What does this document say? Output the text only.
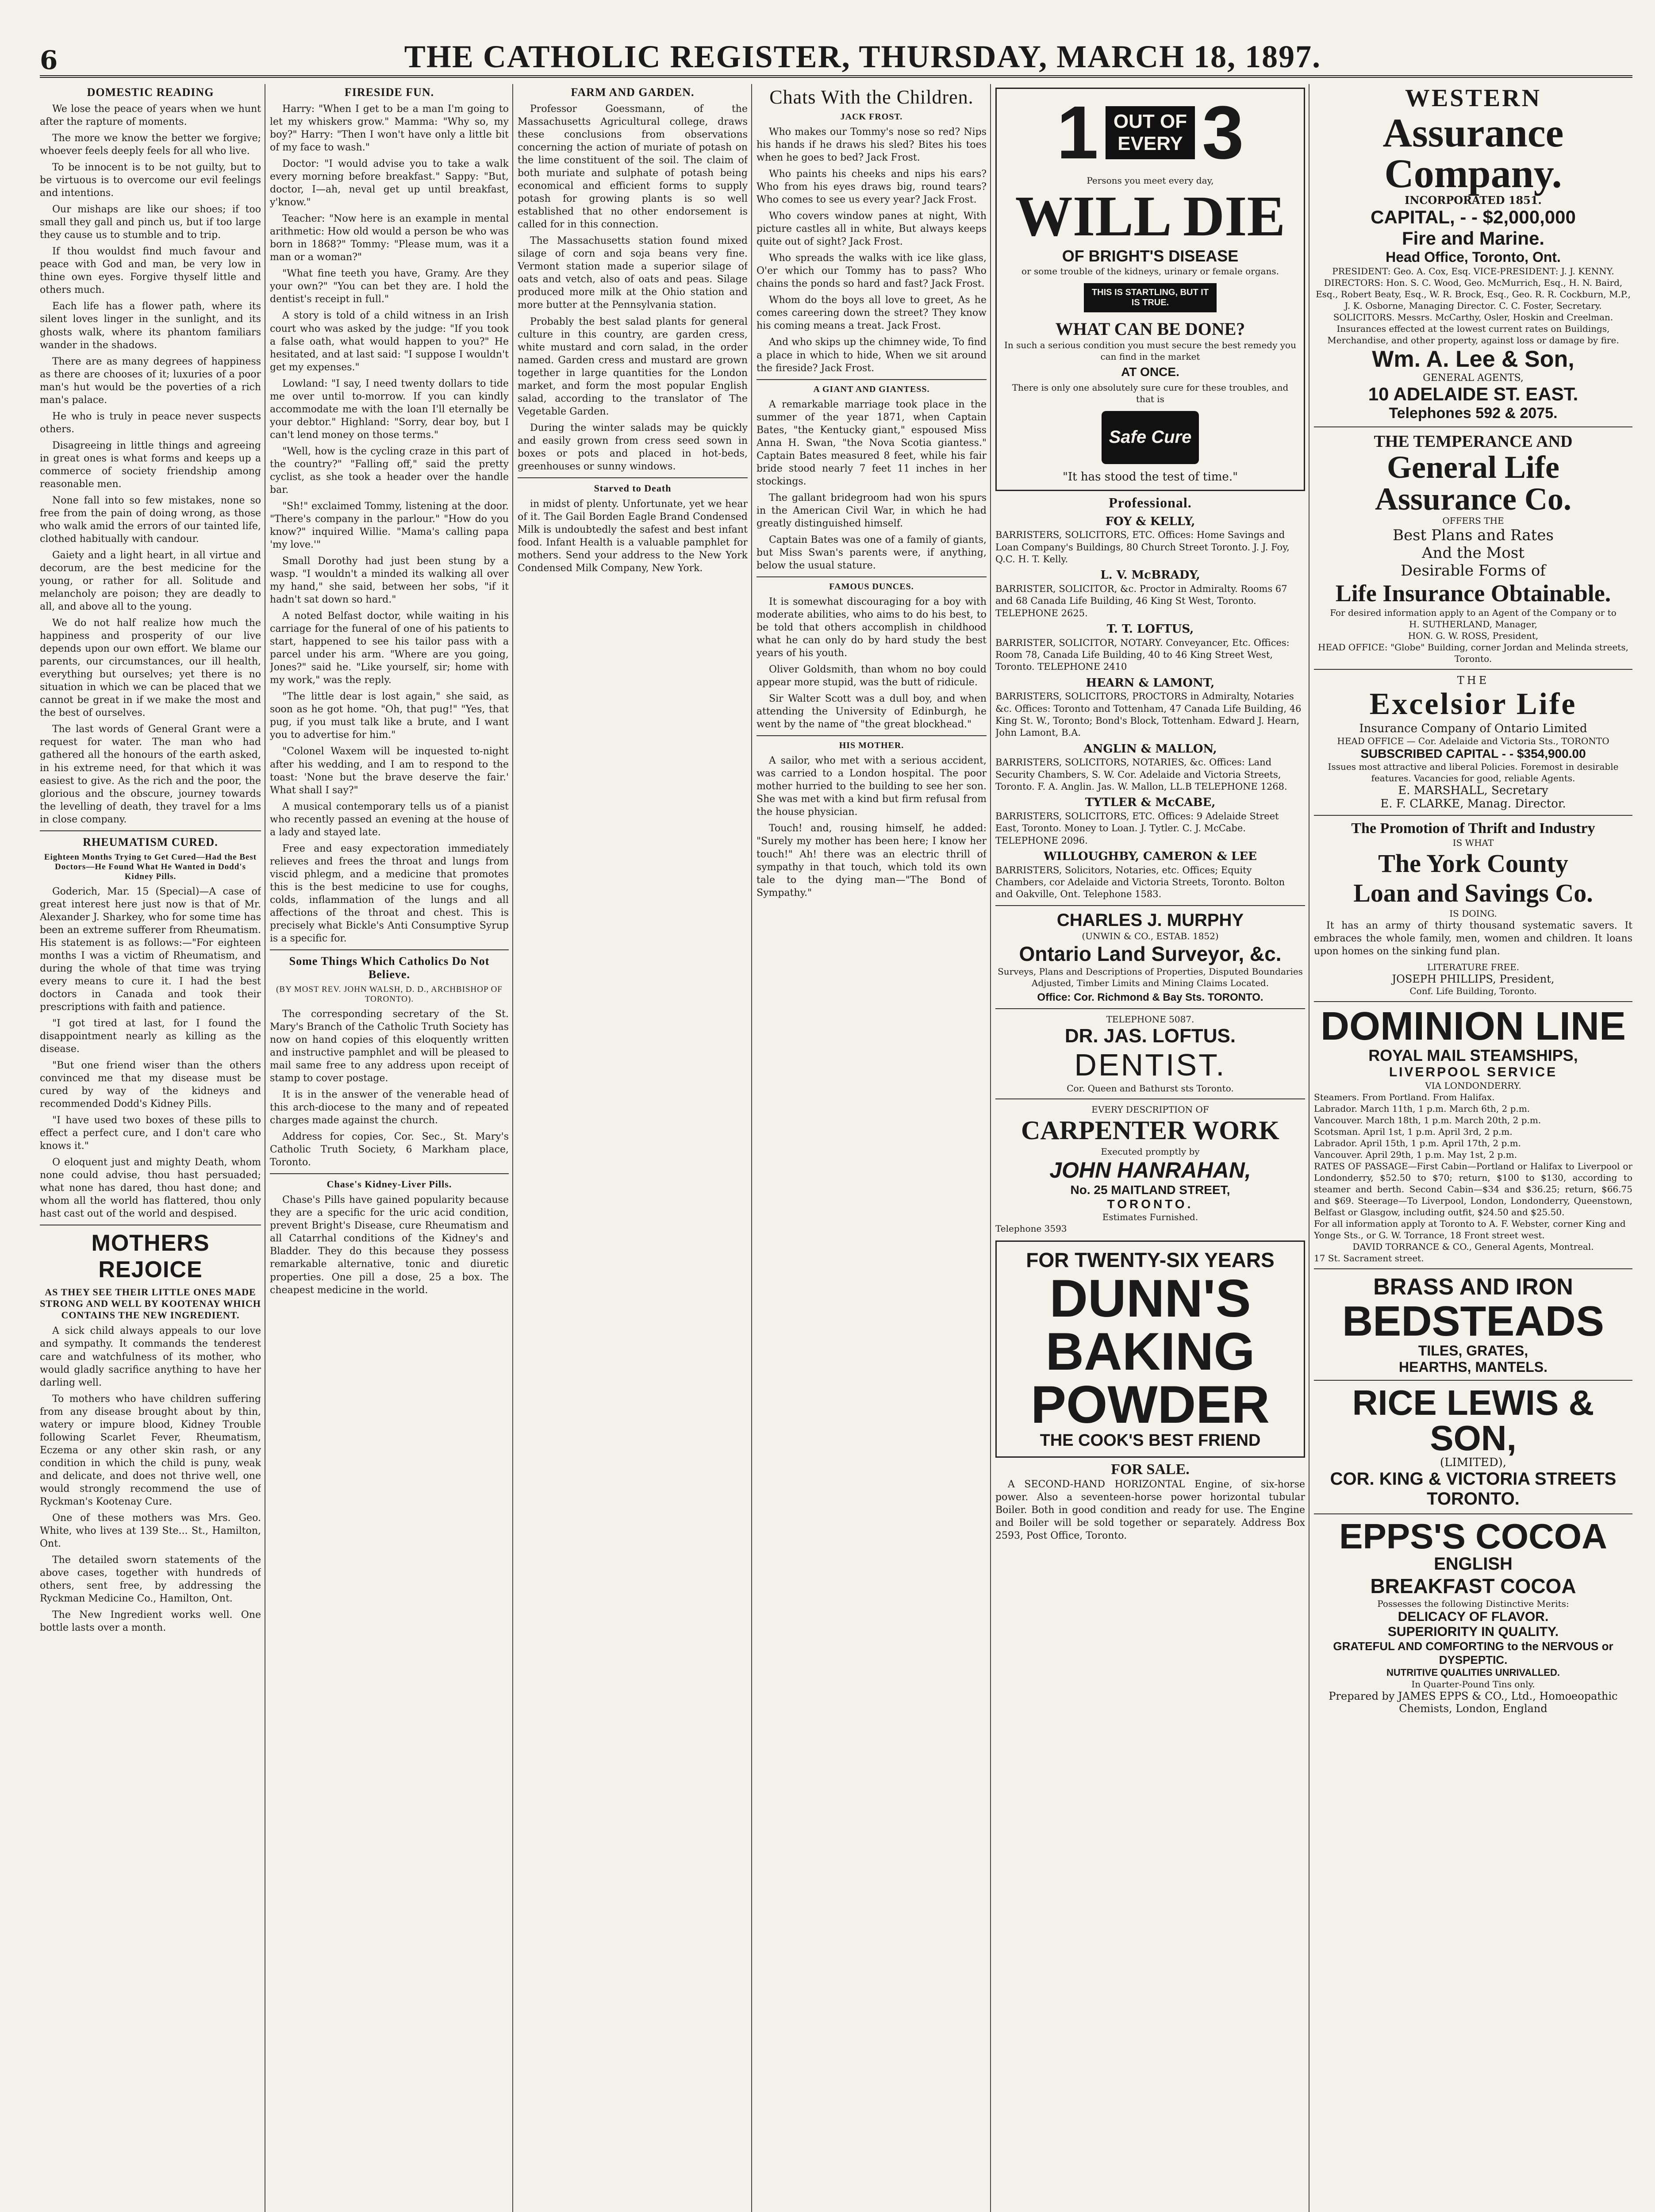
6	THE CATHOLIC REGISTER, THURSDAY, MARCH 18, 1897.
DOMESTIC READING

We lose the peace of years when we hunt after the rapture of moments.

The more we know the better we forgive; whoever feels deeply feels for all who live.

To be innocent is to be not guilty, but to be virtuous is to overcome our evil feelings and intentions.

Our mishaps are like our shoes; if too small they gall and pinch us, but if too large they cause us to stumble and to trip.

If thou wouldst find much favour and peace with God and man, be very low in thine own eyes. Forgive thyself little and others much.

Each life has a flower path, where its silent loves linger in the sunlight, and its ghosts walk, where its phantom familiars wander in the shadows.

There are as many degrees of happiness as there are chooses of it; luxuries of a poor man's hut would be the poverties of a rich man's palace.

He who is truly in peace never suspects others.

Disagreeing in little things and agreeing in great ones is what forms and keeps up a commerce of society friendship among reasonable men.

None fall into so few mistakes, none so free from the pain of doing wrong, as those who walk amid the errors of our tainted life, clothed habitually with candour.

Gaiety and a light heart, in all virtue and decorum, are the best medicine for the young, or rather for all. Solitude and melancholy are poison; they are deadly to all, and above all to the young.

We do not half realize how much the happiness and prosperity of our live depends upon our own effort. We blame our parents, our circumstances, our ill health, everything but ourselves; yet there is no situation in which we can be placed that we cannot be great in if we make the most and the best of ourselves.

The last words of General Grant were a request for water. The man who had gathered all the honours of the earth asked, in his extreme need, for that which it was easiest to give. As the rich and the poor, the glorious and the obscure, journey towards the levelling of death, they travel for a lms in close company.

RHEUMATISM CURED.
Eighteen Months Trying to Get Cured—Had the Best Doctors—He Found What He Wanted in Dodd's Kidney Pills.

Goderich, Mar. 15 (Special)—A case of great interest here just now is that of Mr. Alexander J. Sharkey, who for some time has been an extreme sufferer from Rheumatism. His statement is as follows:—"For eighteen months I was a victim of Rheumatism, and during the whole of that time was trying every means to cure it. I had the best doctors in Canada and took their prescriptions with faith and patience.

"I got tired at last, for I found the disappointment nearly as killing as the disease.

"But one friend wiser than the others convinced me that my disease must be cured by way of the kidneys and recommended Dodd's Kidney Pills.

"I have used two boxes of these pills to effect a perfect cure, and I don't care who knows it."

O eloquent just and mighty Death, whom none could advise, thou hast persuaded; what none has dared, thou hast done; and whom all the world has flattered, thou only hast cast out of the world and despised.

MOTHERS REJOICE
AS THEY SEE THEIR LITTLE ONES MADE STRONG AND WELL BY KOOTENAY WHICH CONTAINS THE NEW INGREDIENT.

A sick child always appeals to our love and sympathy. It commands the tenderest care and watchfulness of its mother, who would gladly sacrifice anything to have her darling well.

To mothers who have children suffering from any disease brought about by thin, watery or impure blood, Kidney Trouble following Scarlet Fever, Rheumatism, Eczema or any other skin rash, or any condition in which the child is puny, weak and delicate, and does not thrive well, one would strongly recommend the use of Ryckman's Kootenay Cure.

One of these mothers was Mrs. Geo. White, who lives at 139 Ste... St., Hamilton, Ont.

The detailed sworn statements of the above cases, together with hundreds of others, sent free, by addressing the Ryckman Medicine Co., Hamilton, Ont.

The New Ingredient works well. One bottle lasts over a month.

FIRESIDE FUN.

Harry: "When I get to be a man I'm going to let my whiskers grow." Mamma: "Why so, my boy?" Harry: "Then I won't have only a little bit of my face to wash."

Doctor: "I would advise you to take a walk every morning before breakfast." Sappy: "But, doctor, I—ah, neval get up until breakfast, y'know."

Teacher: "Now here is an example in mental arithmetic: How old would a person be who was born in 1868?" Tommy: "Please mum, was it a man or a woman?"

"What fine teeth you have, Gramy. Are they your own?" "You can bet they are. I hold the dentist's receipt in full."

A story is told of a child witness in an Irish court who was asked by the judge: "If you took a false oath, what would happen to you?" He hesitated, and at last said: "I suppose I wouldn't get my expenses."

Lowland: "I say, I need twenty dollars to tide me over until to-morrow. If you can kindly accommodate me with the loan I'll eternally be your debtor." Highland: "Sorry, dear boy, but I can't lend money on those terms."

"Well, how is the cycling craze in this part of the country?" "Falling off," said the pretty cyclist, as she took a header over the handle bar.

"Sh!" exclaimed Tommy, listening at the door. "There's company in the parlour." "How do you know?" inquired Willie. "Mama's calling papa 'my love.'"

Small Dorothy had just been stung by a wasp. "I wouldn't a minded its walking all over my hand," she said, between her sobs, "if it hadn't sat down so hard."

A noted Belfast doctor, while waiting in his carriage for the funeral of one of his patients to start, happened to see his tailor pass with a parcel under his arm. "Where are you going, Jones?" said he. "Like yourself, sir; home with my work," was the reply.

"The little dear is lost again," she said, as soon as he got home. "Oh, that pug!" "Yes, that pug, if you must talk like a brute, and I want you to advertise for him."

"Colonel Waxem will be inquested to-night after his wedding, and I am to respond to the toast: 'None but the brave deserve the fair.' What shall I say?"

A musical contemporary tells us of a pianist who recently passed an evening at the house of a lady and stayed late.

Free and easy expectoration immediately relieves and frees the throat and lungs from viscid phlegm, and a medicine that promotes this is the best medicine to use for coughs, colds, inflammation of the lungs and all affections of the throat and chest. This is precisely what Bickle's Anti Consumptive Syrup is a specific for.

Some Things Which Catholics Do Not Believe.
(BY MOST REV. JOHN WALSH, D. D., ARCHBISHOP OF TORONTO).

The corresponding secretary of the St. Mary's Branch of the Catholic Truth Society has now on hand copies of this eloquently written and instructive pamphlet and will be pleased to mail same free to any address upon receipt of stamp to cover postage.

It is in the answer of the venerable head of this arch-diocese to the many and of repeated charges made against the church.

Address for copies, Cor. Sec., St. Mary's Catholic Truth Society, 6 Markham place, Toronto.

Chase's Kidney-Liver Pills.

Chase's Pills have gained popularity because they are a specific for the uric acid condition, prevent Bright's Disease, cure Rheumatism and all Catarrhal conditions of the Kidney's and Bladder. They do this because they possess remarkable alternative, tonic and diuretic properties. One pill a dose, 25 a box. The cheapest medicine in the world.

FARM AND GARDEN.

Professor Goessmann, of the Massachusetts Agricultural college, draws these conclusions from observations concerning the action of muriate of potash on the lime constituent of the soil. The claim of both muriate and sulphate of potash being economical and efficient forms to supply potash for growing plants is so well established that no other endorsement is called for in this connection.

The Massachusetts station found mixed silage of corn and soja beans very fine. Vermont station made a superior silage of oats and vetch, also of oats and peas. Silage produced more milk at the Ohio station and more butter at the Pennsylvania station.

Probably the best salad plants for general culture in this country, are garden cress, white mustard and corn salad, in the order named. Garden cress and mustard are grown together in large quantities for the London market, and form the most popular English salad, according to the translator of The Vegetable Garden.

During the winter salads may be quickly and easily grown from cress seed sown in boxes or pots and placed in hot-beds, greenhouses or sunny windows.

Starved to Death

in midst of plenty. Unfortunate, yet we hear of it. The Gail Borden Eagle Brand Condensed Milk is undoubtedly the safest and best infant food. Infant Health is a valuable pamphlet for mothers. Send your address to the New York Condensed Milk Company, New York.

Chats With the Children.
JACK FROST.

Who makes our Tommy's nose so red? Nips his hands if he draws his sled? Bites his toes when he goes to bed? Jack Frost.

Who paints his cheeks and nips his ears? Who from his eyes draws big, round tears? Who comes to see us every year? Jack Frost.

Who covers window panes at night, With picture castles all in white, But always keeps quite out of sight? Jack Frost.

Who spreads the walks with ice like glass, O'er which our Tommy has to pass? Who chains the ponds so hard and fast? Jack Frost.

Whom do the boys all love to greet, As he comes careering down the street? They know his coming means a treat. Jack Frost.

And who skips up the chimney wide, To find a place in which to hide, When we sit around the fireside? Jack Frost.

A GIANT AND GIANTESS.

A remarkable marriage took place in the summer of the year 1871, when Captain Bates, "the Kentucky giant," espoused Miss Anna H. Swan, "the Nova Scotia giantess." Captain Bates measured 8 feet, while his fair bride stood nearly 7 feet 11 inches in her stockings.

The gallant bridegroom had won his spurs in the American Civil War, in which he had greatly distinguished himself.

Captain Bates was one of a family of giants, but Miss Swan's parents were, if anything, below the usual stature.

FAMOUS DUNCES.

It is somewhat discouraging for a boy with moderate abilities, who aims to do his best, to be told that others accomplish in childhood what he can only do by hard study the best years of his youth.

Oliver Goldsmith, than whom no boy could appear more stupid, was the butt of ridicule.

Sir Walter Scott was a dull boy, and when attending the University of Edinburgh, he went by the name of "the great blockhead."

HIS MOTHER.

A sailor, who met with a serious accident, was carried to a London hospital. The poor mother hurried to the building to see her son. She was met with a kind but firm refusal from the house physician.

Touch! and, rousing himself, he added: "Surely my mother has been here; I know her touch!" Ah! there was an electric thrill of sympathy in that touch, which told its own tale to the dying man—"The Bond of Sympathy."

1 OUT OF
EVERY 3
Persons you meet every day,
WILL DIE
OF BRIGHT'S DISEASE
or some trouble of the kidneys, urinary or female organs.
THIS IS STARTLING, BUT IT IS TRUE.
WHAT CAN BE DONE?
In such a serious condition you must secure the best remedy you can find in the market
AT ONCE.
There is only one absolutely sure cure for these troubles, and that is
Safe Cure
"It has stood the test of time."
Professional.
FOY & KELLY,
BARRISTERS, SOLICITORS, ETC. Offices: Home Savings and Loan Company's Buildings, 80 Church Street Toronto. J. J. Foy, Q.C. H. T. Kelly.
L. V. McBRADY,
BARRISTER, SOLICITOR, &c. Proctor in Admiralty. Rooms 67 and 68 Canada Life Building, 46 King St West, Toronto. TELEPHONE 2625.
T. T. LOFTUS,
BARRISTER, SOLICITOR, NOTARY. Conveyancer, Etc. Offices: Room 78, Canada Life Building, 40 to 46 King Street West, Toronto. TELEPHONE 2410
HEARN & LAMONT,
BARRISTERS, SOLICITORS, PROCTORS in Admiralty, Notaries &c. Offices: Toronto and Tottenham, 47 Canada Life Building, 46 King St. W., Toronto; Bond's Block, Tottenham. Edward J. Hearn, John Lamont, B.A.
ANGLIN & MALLON,
BARRISTERS, SOLICITORS, NOTARIES, &c. Offices: Land Security Chambers, S. W. Cor. Adelaide and Victoria Streets, Toronto. F. A. Anglin. Jas. W. Mallon, LL.B TELEPHONE 1268.
TYTLER & McCABE,
BARRISTERS, SOLICITORS, ETC. Offices: 9 Adelaide Street East, Toronto. Money to Loan. J. Tytler. C. J. McCabe. TELEPHONE 2096.
WILLOUGHBY, CAMERON & LEE
BARRISTERS, Solicitors, Notaries, etc. Offices; Equity Chambers, cor Adelaide and Victoria Streets, Toronto. Bolton and Oakville, Ont. Telephone 1583.
CHARLES J. MURPHY
(UNWIN & CO., ESTAB. 1852)
Ontario Land Surveyor, &c.
Surveys, Plans and Descriptions of Properties, Disputed Boundaries Adjusted, Timber Limits and Mining Claims Located.
Office: Cor. Richmond & Bay Sts. TORONTO.
TELEPHONE 5087.
DR. JAS. LOFTUS.
DENTIST.
Cor. Queen and Bathurst sts Toronto.
EVERY DESCRIPTION OF
CARPENTER WORK
Executed promptly by
JOHN HANRAHAN,
No. 25 MAITLAND STREET,
TORONTO.
Estimates Furnished.
Telephone 3593
FOR TWENTY-SIX YEARS
DUNN'S
BAKING
POWDER
THE COOK'S BEST FRIEND
FOR SALE.
A SECOND-HAND HORIZONTAL Engine, of six-horse power. Also a seventeen-horse power horizontal tubular Boiler. Both in good condition and ready for use. The Engine and Boiler will be sold together or separately. Address Box 2593, Post Office, Toronto.
WESTERN
Assurance Company.
INCORPORATED 1851.
CAPITAL, - - $2,000,000
Fire and Marine.
Head Office, Toronto, Ont.
PRESIDENT: Geo. A. Cox, Esq. VICE-PRESIDENT: J. J. KENNY.
DIRECTORS: Hon. S. C. Wood, Geo. McMurrich, Esq., H. N. Baird, Esq., Robert Beaty, Esq., W. R. Brock, Esq., Geo. R. R. Cockburn, M.P., J. K. Osborne, Managing Director. C. C. Foster, Secretary.
SOLICITORS. Messrs. McCarthy, Osler, Hoskin and Creelman.
Insurances effected at the lowest current rates on Buildings, Merchandise, and other property, against loss or damage by fire.
Wm. A. Lee & Son,
GENERAL AGENTS,
10 ADELAIDE ST. EAST.
Telephones 592 & 2075.
THE TEMPERANCE AND
General Life Assurance Co.
OFFERS THE
Best Plans and Rates
And the Most
Desirable Forms of
Life Insurance Obtainable.
For desired information apply to an Agent of the Company or to
H. SUTHERLAND, Manager,
HON. G. W. ROSS, President,
HEAD OFFICE: "Globe" Building, corner Jordan and Melinda streets, Toronto.
THE
Excelsior Life
Insurance Company of Ontario Limited
HEAD OFFICE — Cor. Adelaide and Victoria Sts., TORONTO
SUBSCRIBED CAPITAL - - $354,900.00
Issues most attractive and liberal Policies. Foremost in desirable features. Vacancies for good, reliable Agents.
E. MARSHALL, Secretary
E. F. CLARKE, Manag. Director.
The Promotion of Thrift and Industry
IS WHAT
The York County
Loan and Savings Co.
IS DOING.
It has an army of thirty thousand systematic savers. It embraces the whole family, men, women and children. It loans upon homes on the sinking fund plan.
LITERATURE FREE.
JOSEPH PHILLIPS, President,
Conf. Life Building, Toronto.
DOMINION LINE
ROYAL MAIL STEAMSHIPS,
LIVERPOOL SERVICE
VIA LONDONDERRY.
Steamers. From Portland. From Halifax.
Labrador. March 11th, 1 p.m. March 6th, 2 p.m.
Vancouver. March 18th, 1 p.m. March 20th, 2 p.m.
Scotsman. April 1st, 1 p.m. April 3rd, 2 p.m.
Labrador. April 15th, 1 p.m. April 17th, 2 p.m.
Vancouver. April 29th, 1 p.m. May 1st, 2 p.m.
RATES OF PASSAGE—First Cabin—Portland or Halifax to Liverpool or Londonderry, $52.50 to $70; return, $100 to $130, according to steamer and berth. Second Cabin—$34 and $36.25; return, $66.75 and $69. Steerage—To Liverpool, London, Londonderry, Queenstown, Belfast or Glasgow, including outfit, $24.50 and $25.50.
For all information apply at Toronto to A. F. Webster, corner King and Yonge Sts., or G. W. Torrance, 18 Front street west.
DAVID TORRANCE & CO., General Agents, Montreal.
17 St. Sacrament street.
BRASS AND IRON
BEDSTEADS
TILES, GRATES,
HEARTHS, MANTELS.
RICE LEWIS & SON,
(LIMITED),
COR. KING & VICTORIA STREETS
TORONTO.
EPPS'S COCOA
ENGLISH
BREAKFAST COCOA
Possesses the following Distinctive Merits:
DELICACY OF FLAVOR.
SUPERIORITY IN QUALITY.
GRATEFUL AND COMFORTING to the NERVOUS or DYSPEPTIC.
NUTRITIVE QUALITIES UNRIVALLED.
In Quarter-Pound Tins only.
Prepared by JAMES EPPS & CO., Ltd., Homoeopathic Chemists, London, England
